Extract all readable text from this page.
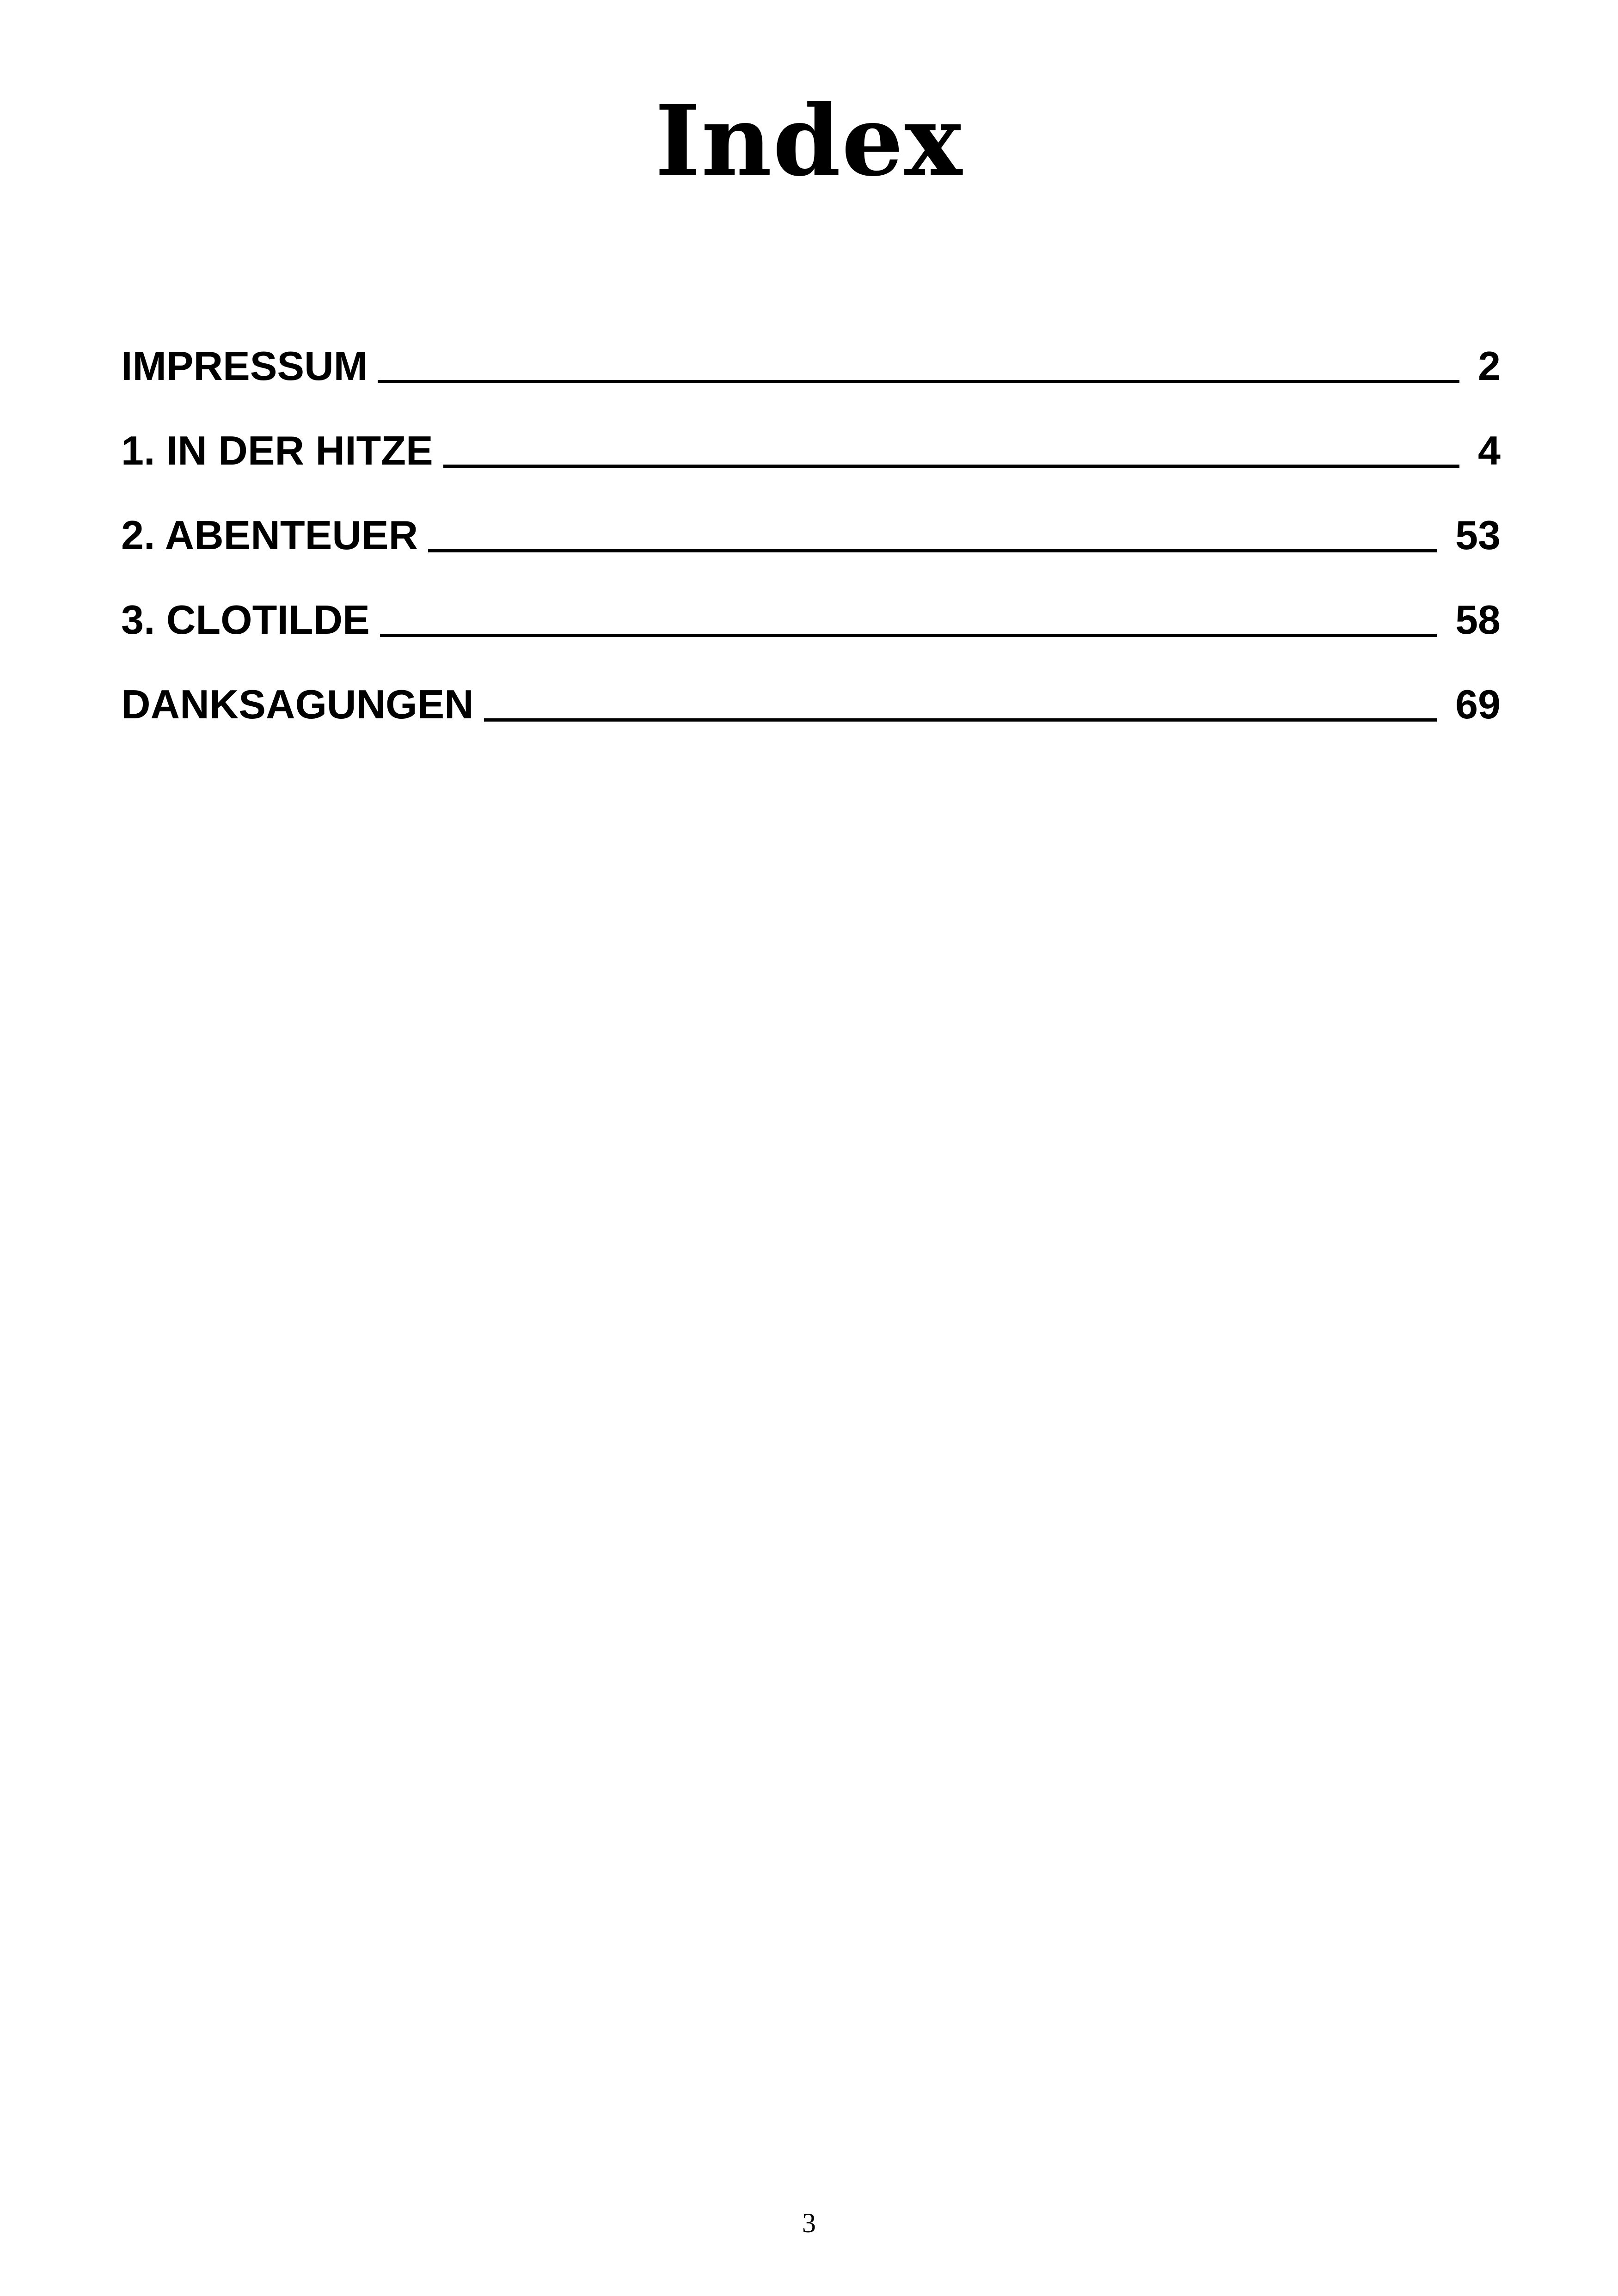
Index
IMPRESSUM	2
1. IN DER HITZE	4
2. ABENTEUER	53
3. CLOTILDE	58
DANKSAGUNGEN	69
3
